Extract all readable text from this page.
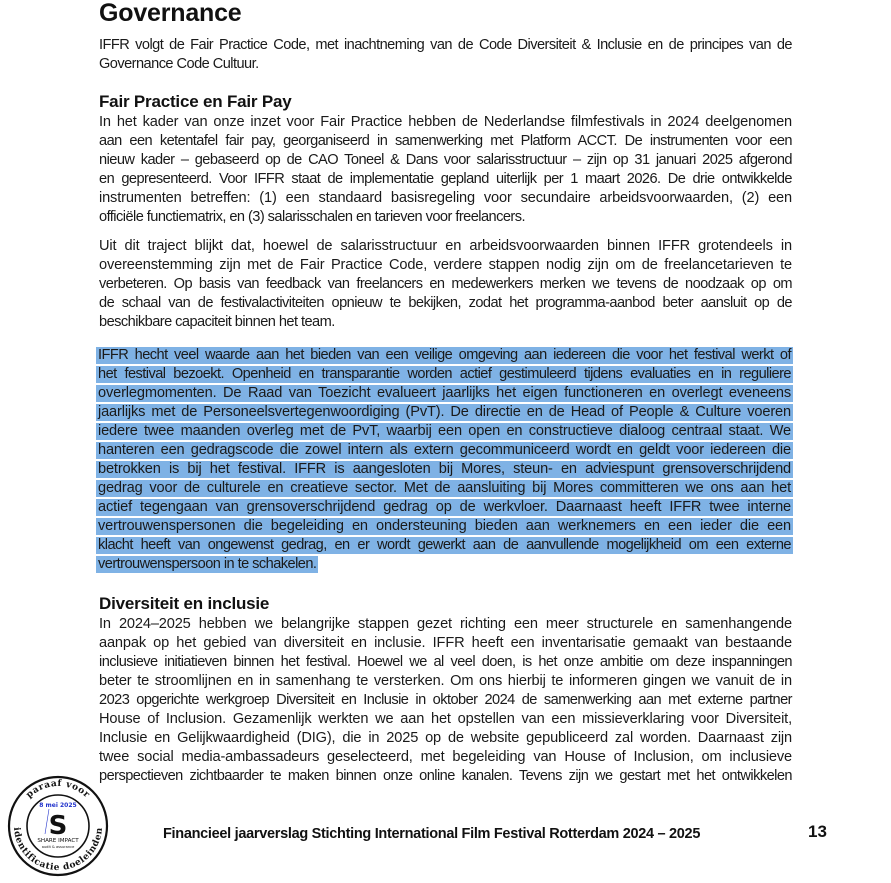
Governance
IFFR volgt de Fair Practice Code, met inachtneming van de Code Diversiteit & Inclusie en de principes van de
Governance Code Cultuur.
Fair Practice en Fair Pay
In het kader van onze inzet voor Fair Practice hebben de Nederlandse filmfestivals in 2024 deelgenomen
aan een ketentafel fair pay, georganiseerd in samenwerking met Platform ACCT. De instrumenten voor een
nieuw kader – gebaseerd op de CAO Toneel & Dans voor salarisstructuur – zijn op 31 januari 2025 afgerond
en gepresenteerd. Voor IFFR staat de implementatie gepland uiterlijk per 1 maart 2026. De drie ontwikkelde
instrumenten betreffen: (1) een standaard basisregeling voor secundaire arbeidsvoorwaarden, (2) een
officiële functiematrix, en (3) salarisschalen en tarieven voor freelancers.
Uit dit traject blijkt dat, hoewel de salarisstructuur en arbeidsvoorwaarden binnen IFFR grotendeels in
overeenstemming zijn met de Fair Practice Code, verdere stappen nodig zijn om de freelancetarieven te
verbeteren. Op basis van feedback van freelancers en medewerkers merken we tevens de noodzaak op om
de schaal van de festivalactiviteiten opnieuw te bekijken, zodat het programma-aanbod beter aansluit op de
beschikbare capaciteit binnen het team.
IFFR hecht veel waarde aan het bieden van een veilige omgeving aan iedereen die voor het festival werkt of
het festival bezoekt. Openheid en transparantie worden actief gestimuleerd tijdens evaluaties en in reguliere
overlegmomenten. De Raad van Toezicht evalueert jaarlijks het eigen functioneren en overlegt eveneens
jaarlijks met de Personeelsvertegenwoordiging (PvT). De directie en de Head of People & Culture voeren
iedere twee maanden overleg met de PvT, waarbij een open en constructieve dialoog centraal staat. We
hanteren een gedragscode die zowel intern als extern gecommuniceerd wordt en geldt voor iedereen die
betrokken is bij het festival. IFFR is aangesloten bij Mores, steun- en adviespunt grensoverschrijdend
gedrag voor de culturele en creatieve sector. Met de aansluiting bij Mores committeren we ons aan het
actief tegengaan van grensoverschrijdend gedrag op de werkvloer. Daarnaast heeft IFFR twee interne
vertrouwenspersonen die begeleiding en ondersteuning bieden aan werknemers en een ieder die een
klacht heeft van ongewenst gedrag, en er wordt gewerkt aan de aanvullende mogelijkheid om een externe
vertrouwenspersoon in te schakelen.
Diversiteit en inclusie
In 2024–2025 hebben we belangrijke stappen gezet richting een meer structurele en samenhangende
aanpak op het gebied van diversiteit en inclusie. IFFR heeft een inventarisatie gemaakt van bestaande
inclusieve initiatieven binnen het festival. Hoewel we al veel doen, is het onze ambitie om deze inspanningen
beter te stroomlijnen en in samenhang te versterken. Om ons hierbij te informeren gingen we vanuit de in
2023 opgerichte werkgroep Diversiteit en Inclusie in oktober 2024 de samenwerking aan met externe partner
House of Inclusion. Gezamenlijk werkten we aan het opstellen van een missieverklaring voor Diversiteit,
Inclusie en Gelijkwaardigheid (DIG), die in 2025 op de website gepubliceerd zal worden. Daarnaast zijn
twee social media-ambassadeurs geselecteerd, met begeleiding van House of Inclusion, om inclusieve
perspectieven zichtbaarder te maken binnen onze online kanalen. Tevens zijn we gestart met het ontwikkelen
paraaf voor
identificatie doeleinden
8 mei 2025
S
SHARE IMPACT
audit & assurance
Financieel jaarverslag Stichting International Film Festival Rotterdam 2024 – 2025	13
